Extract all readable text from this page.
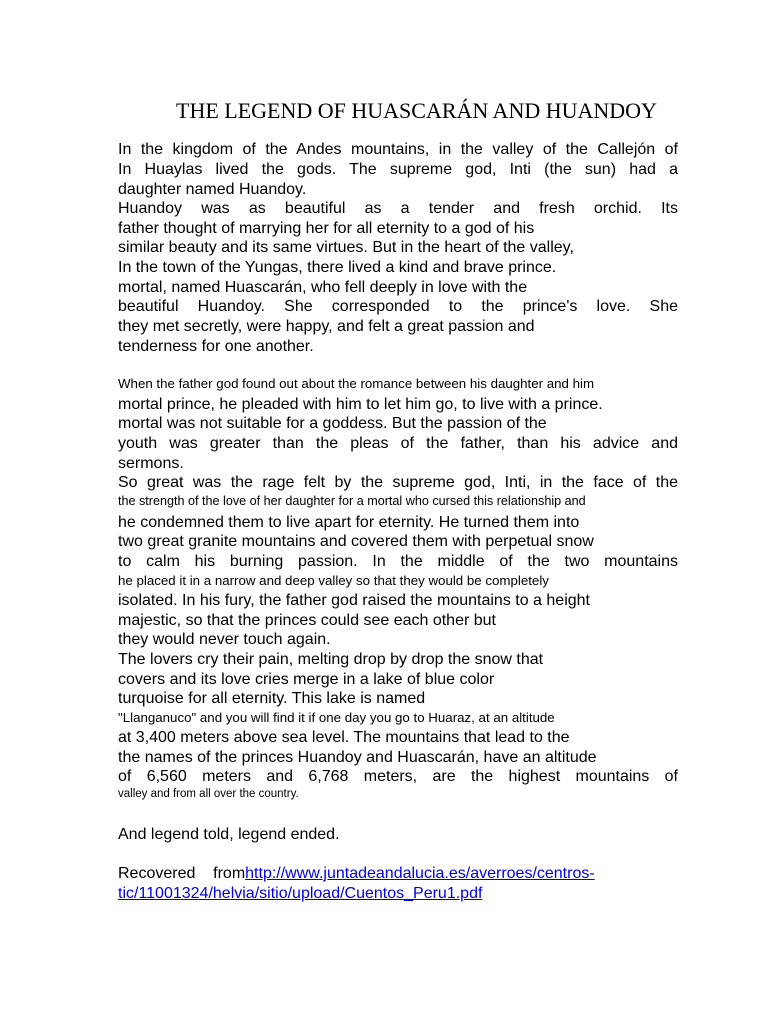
THE LEGEND OF HUASCARÁN AND HUANDOY

In the kingdom of the Andes mountains, in the valley of the Callejón of

In Huaylas lived the gods. The supreme god, Inti (the sun) had a

daughter named Huandoy.

Huandoy was as beautiful as a tender and fresh orchid. Its

father thought of marrying her for all eternity to a god of his

similar beauty and its same virtues. But in the heart of the valley,

In the town of the Yungas, there lived a kind and brave prince.

mortal, named Huascarán, who fell deeply in love with the

beautiful Huandoy. She corresponded to the prince's love. She

they met secretly, were happy, and felt a great passion and

tenderness for one another.

When the father god found out about the romance between his daughter and him

mortal prince, he pleaded with him to let him go, to live with a prince.

mortal was not suitable for a goddess. But the passion of the

youth was greater than the pleas of the father, than his advice and

sermons.

So great was the rage felt by the supreme god, Inti, in the face of the

the strength of the love of her daughter for a mortal who cursed this relationship and

he condemned them to live apart for eternity. He turned them into

two great granite mountains and covered them with perpetual snow

to calm his burning passion. In the middle of the two mountains

he placed it in a narrow and deep valley so that they would be completely

isolated. In his fury, the father god raised the mountains to a height

majestic, so that the princes could see each other but

they would never touch again.

The lovers cry their pain, melting drop by drop the snow that

covers and its love cries merge in a lake of blue color

turquoise for all eternity. This lake is named

"Llanganuco" and you will find it if one day you go to Huaraz, at an altitude

at 3,400 meters above sea level. The mountains that lead to the

the names of the princes Huandoy and Huascarán, have an altitude

of 6,560 meters and 6,768 meters, are the highest mountains of

valley and from all over the country.

And legend told, legend ended.

Recovered    fromhttp://www.juntadeandalucia.es/averroes/centros-

tic/11001324/helvia/sitio/upload/Cuentos_Peru1.pdf
